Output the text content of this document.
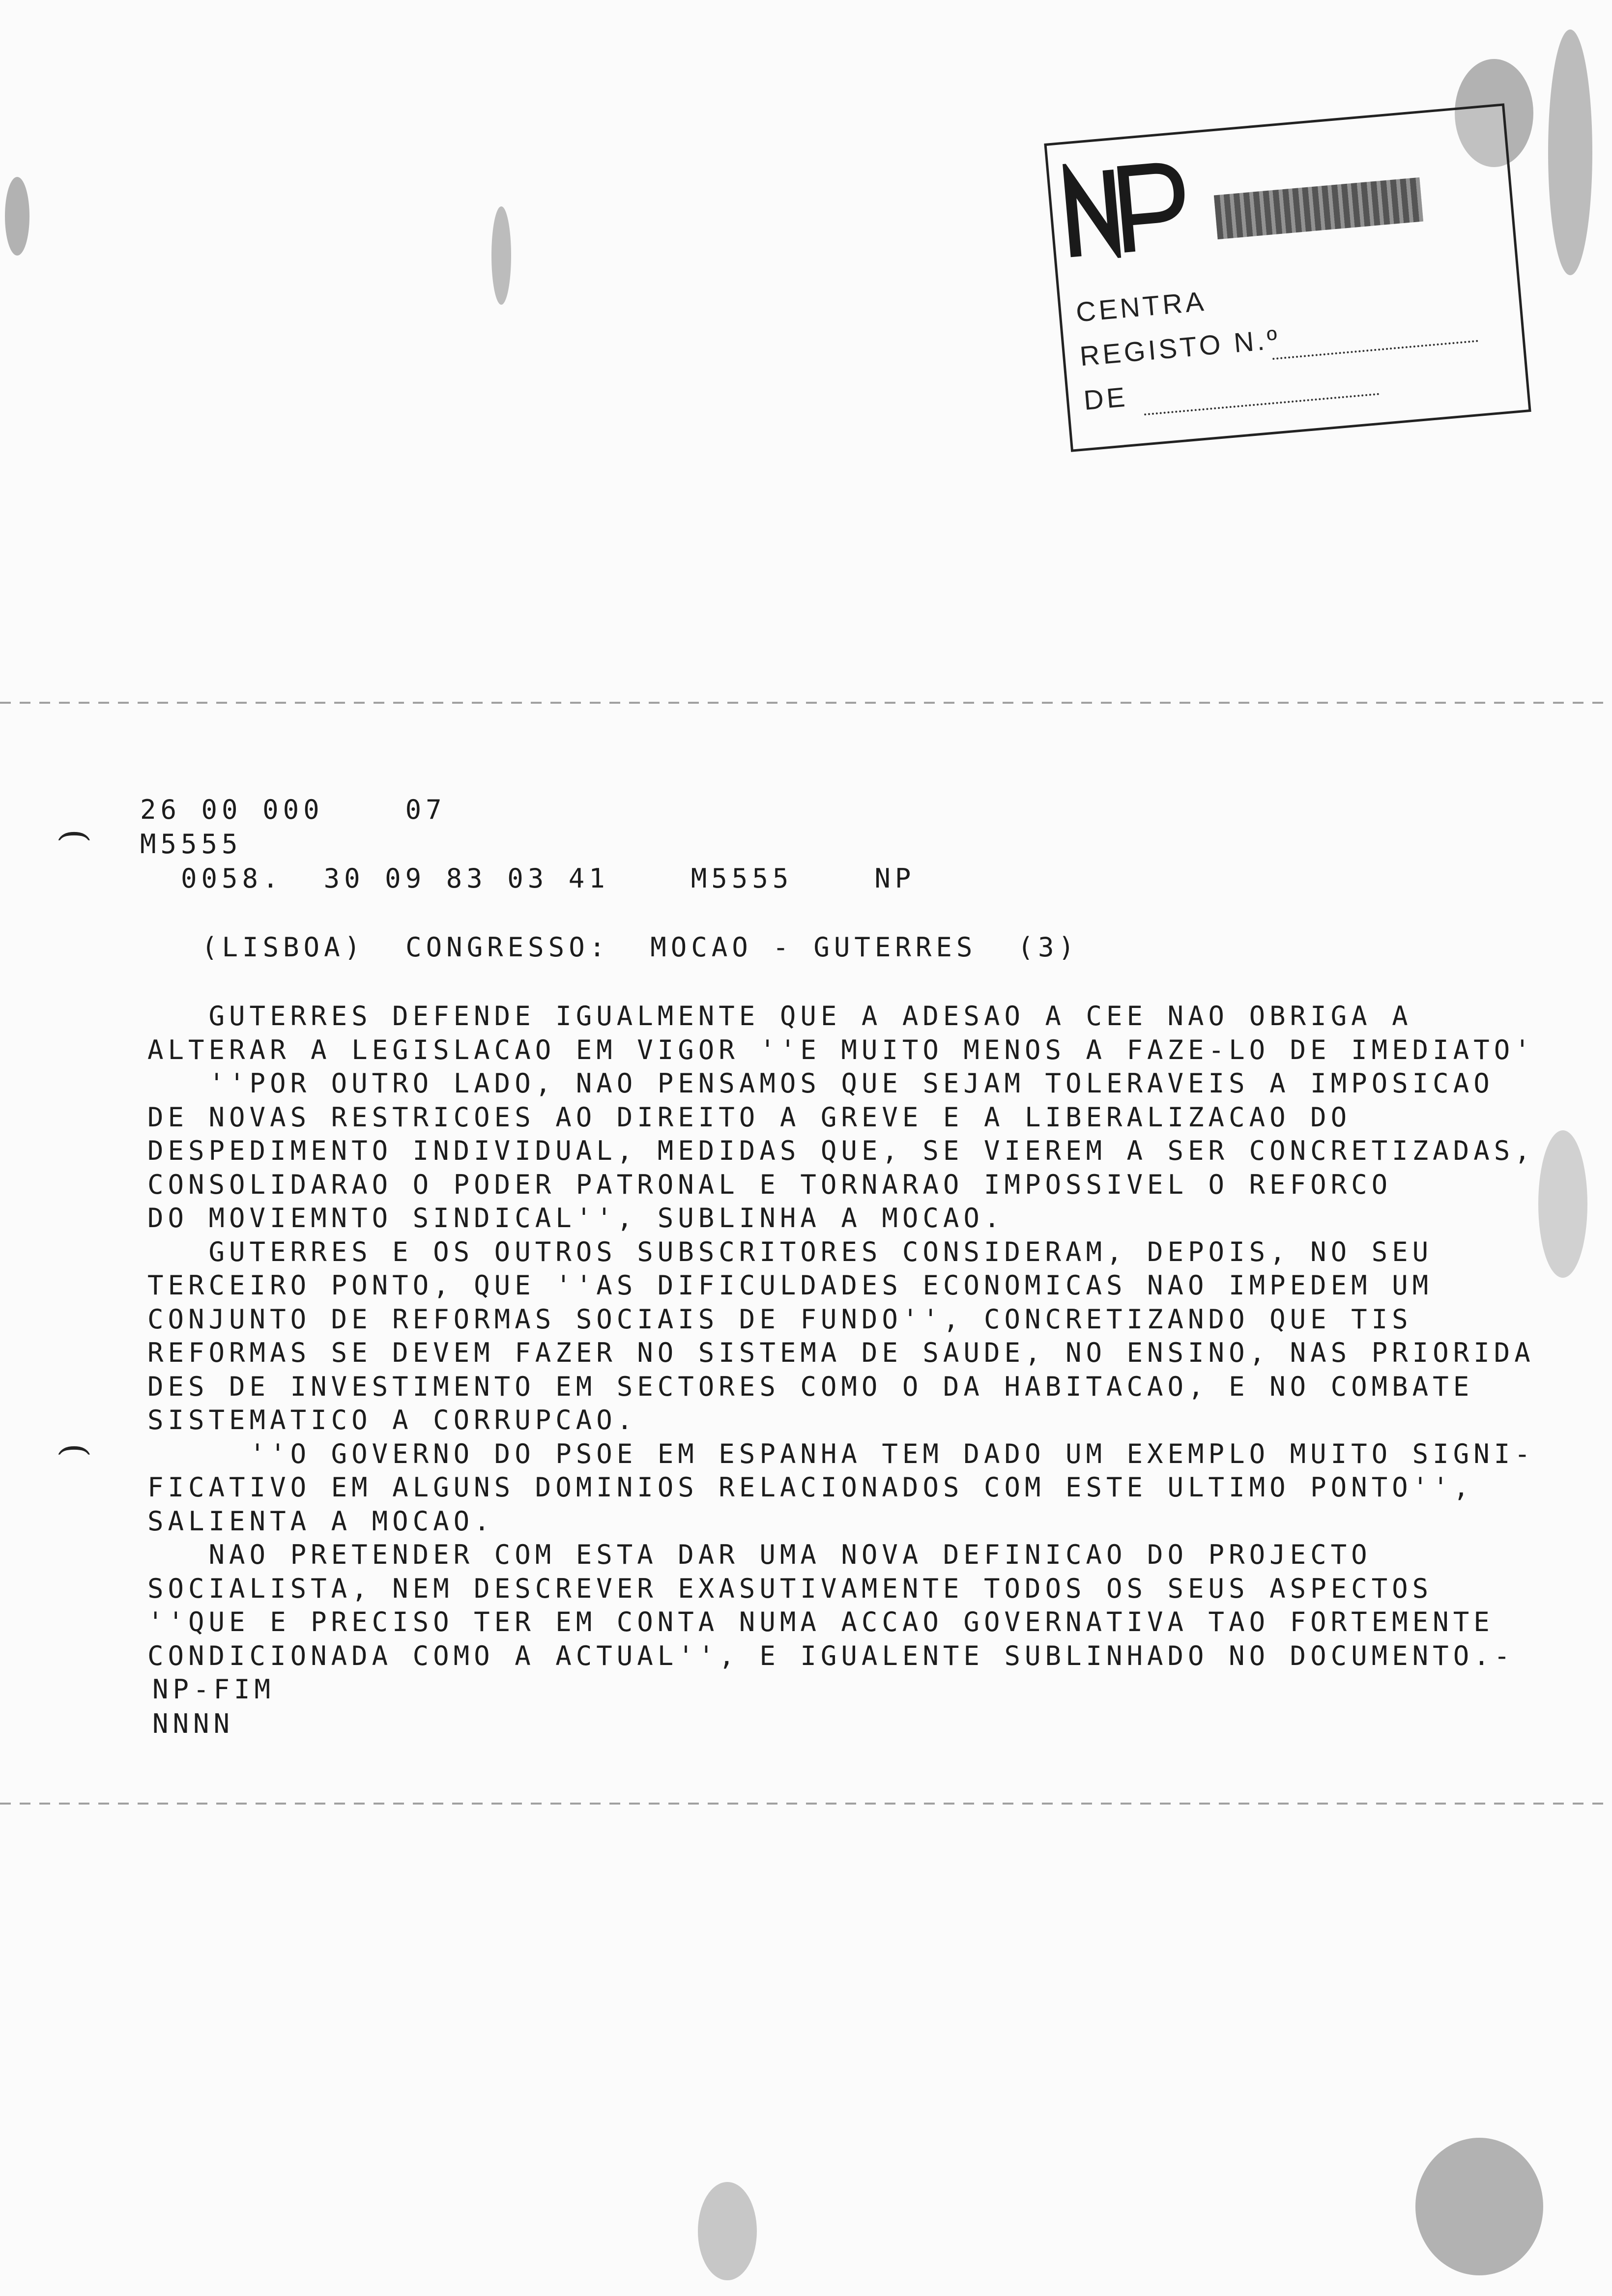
CENTRA
REGISTO N.º
DE
(
(
26 00 000    07
M5555
0058.  30 09 83 03 41    M5555    NP
(LISBOA)  CONGRESSO:  MOCAO - GUTERRES  (3)
GUTERRES DEFENDE IGUALMENTE QUE A ADESAO A CEE NAO OBRIGA A
ALTERAR A LEGISLACAO EM VIGOR ''E MUITO MENOS A FAZE-LO DE IMEDIATO'
''POR OUTRO LADO, NAO PENSAMOS QUE SEJAM TOLERAVEIS A IMPOSICAO
DE NOVAS RESTRICOES AO DIREITO A GREVE E A LIBERALIZACAO DO
DESPEDIMENTO INDIVIDUAL, MEDIDAS QUE, SE VIEREM A SER CONCRETIZADAS,
CONSOLIDARAO O PODER PATRONAL E TORNARAO IMPOSSIVEL O REFORCO
DO MOVIEMNTO SINDICAL'', SUBLINHA A MOCAO.
GUTERRES E OS OUTROS SUBSCRITORES CONSIDERAM, DEPOIS, NO SEU
TERCEIRO PONTO, QUE ''AS DIFICULDADES ECONOMICAS NAO IMPEDEM UM
CONJUNTO DE REFORMAS SOCIAIS DE FUNDO'', CONCRETIZANDO QUE TIS
REFORMAS SE DEVEM FAZER NO SISTEMA DE SAUDE, NO ENSINO, NAS PRIORIDA
DES DE INVESTIMENTO EM SECTORES COMO O DA HABITACAO, E NO COMBATE
SISTEMATICO A CORRUPCAO.
''O GOVERNO DO PSOE EM ESPANHA TEM DADO UM EXEMPLO MUITO SIGNI-
FICATIVO EM ALGUNS DOMINIOS RELACIONADOS COM ESTE ULTIMO PONTO'',
SALIENTA A MOCAO.
NAO PRETENDER COM ESTA DAR UMA NOVA DEFINICAO DO PROJECTO
SOCIALISTA, NEM DESCREVER EXASUTIVAMENTE TODOS OS SEUS ASPECTOS
''QUE E PRECISO TER EM CONTA NUMA ACCAO GOVERNATIVA TAO FORTEMENTE
CONDICIONADA COMO A ACTUAL'', E IGUALENTE SUBLINHADO NO DOCUMENTO.-
NP-FIM
NNNN
